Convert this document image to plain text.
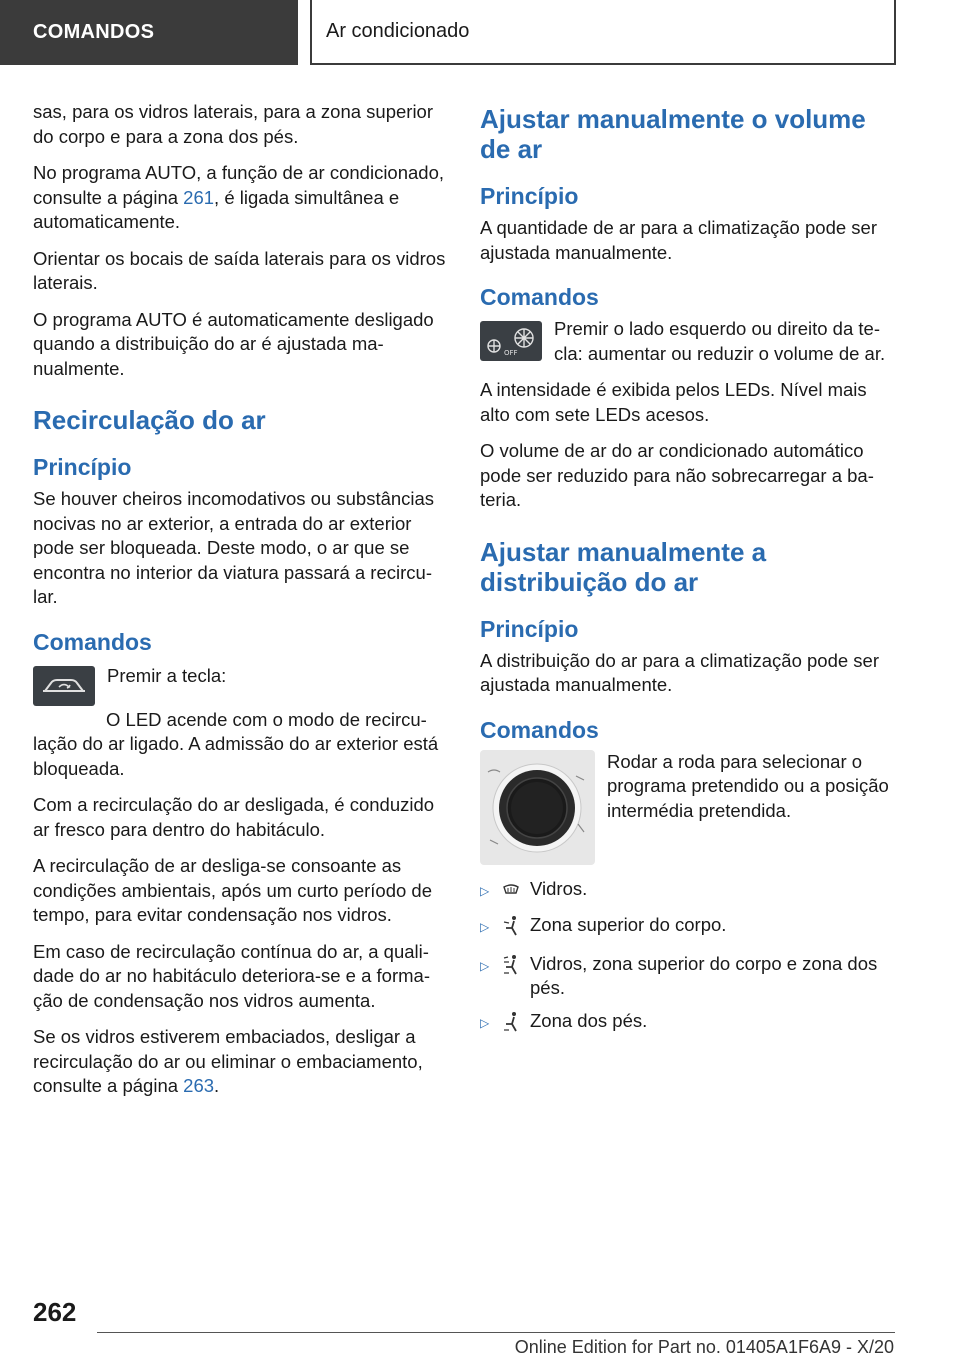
COMANDOS	Ar condicionado

sas, para os vidros laterais, para a zona superior do corpo e para a zona dos pés.

No programa AUTO, a função de ar condicionado, consulte a página 261, é ligada simultânea e automaticamente.

Orientar os bocais de saída laterais para os vidros laterais.

O programa AUTO é automaticamente desligado quando a distribuição do ar é ajustada manualmente.

Recirculação do ar
Princípio

Se houver cheiros incomodativos ou substâncias nocivas no ar exterior, a entrada do ar exterior pode ser bloqueada. Deste modo, o ar que se encontra no interior da viatura passará a recircular.

Comandos

Premir a tecla:

O LED acende com o modo de recirculação do ar ligado. A admissão do ar exterior está bloqueada.

Com a recirculação do ar desligada, é conduzido ar fresco para dentro do habitáculo.

A recirculação de ar desliga-se consoante as condições ambientais, após um curto período de tempo, para evitar condensação nos vidros.

Em caso de recirculação contínua do ar, a qualidade do ar no habitáculo deteriora-se e a formação de condensação nos vidros aumenta.

Se os vidros estiverem embaciados, desligar a recirculação do ar ou eliminar o embaciamento, consulte a página 263.

Ajustar manualmente o volume de ar
Princípio

A quantidade de ar para a climatização pode ser ajustada manualmente.

Comandos
OFF

Premir o lado esquerdo ou direito da tecla: aumentar ou reduzir o volume de ar.

A intensidade é exibida pelos LEDs. Nível mais alto com sete LEDs acesos.

O volume de ar do ar condicionado automático pode ser reduzido para não sobrecarregar a bateria.

Ajustar manualmente a distribuição do ar
Princípio

A distribuição do ar para a climatização pode ser ajustada manualmente.

Comandos

Rodar a roda para selecionar o programa pretendido ou a posição intermédia pretendida.

▷	Vidros.
▷	Zona superior do corpo.
▷	Vidros, zona superior do corpo e zona dos pés.
▷	Zona dos pés.
262
Online Edition for Part no. 01405A1F6A9 - X/20
